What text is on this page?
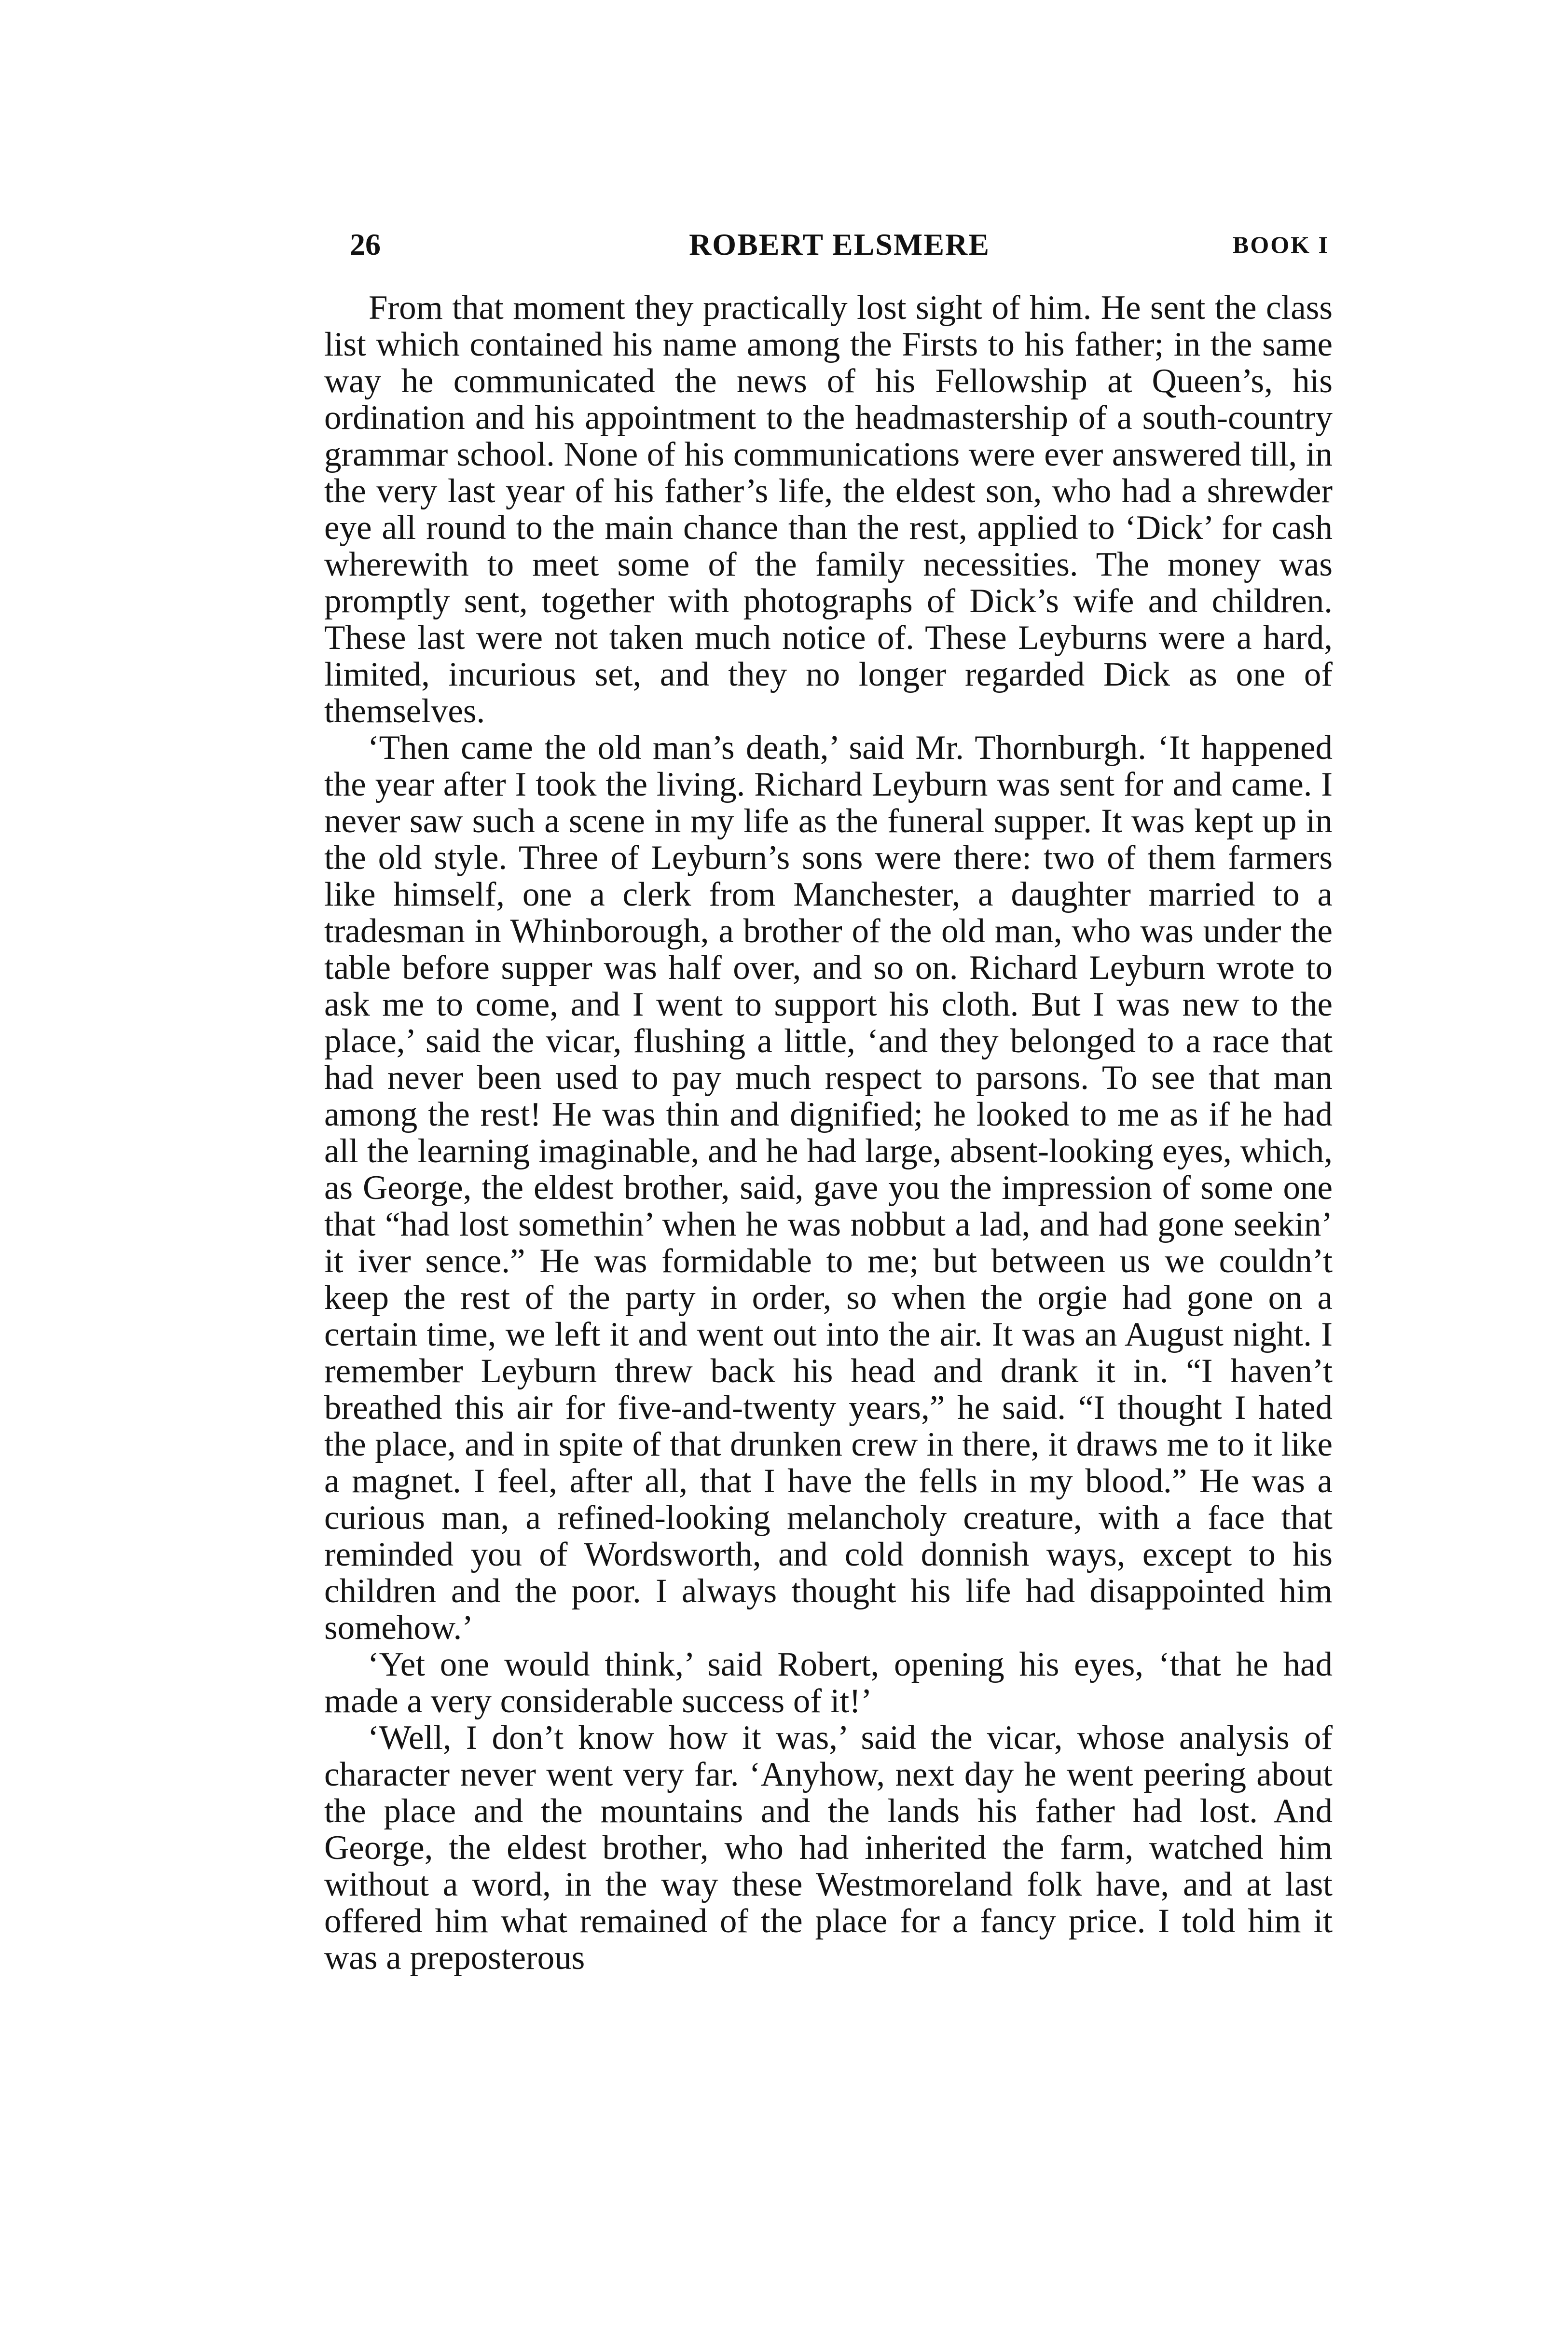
26	ROBERT ELSMERE	BOOK I

From that moment they practically lost sight of him. He sent the class list which contained his name among the Firsts to his father; in the same way he communicated the news of his Fellowship at Queen’s, his ordination and his appointment to the headmastership of a south-country grammar school. None of his communications were ever answered till, in the very last year of his father’s life, the eldest son, who had a shrewder eye all round to the main chance than the rest, applied to ‘Dick’ for cash wherewith to meet some of the family necessities. The money was promptly sent, together with photographs of Dick’s wife and children. These last were not taken much notice of. These Leyburns were a hard, limited, incurious set, and they no longer regarded Dick as one of themselves.

‘Then came the old man’s death,’ said Mr. Thornburgh. ‘It happened the year after I took the living. Richard Leyburn was sent for and came. I never saw such a scene in my life as the funeral supper. It was kept up in the old style. Three of Leyburn’s sons were there: two of them farmers like himself, one a clerk from Manchester, a daughter married to a tradesman in Whinborough, a brother of the old man, who was under the table before supper was half over, and so on. Richard Leyburn wrote to ask me to come, and I went to support his cloth. But I was new to the place,’ said the vicar, flushing a little, ‘and they belonged to a race that had never been used to pay much respect to parsons. To see that man among the rest! He was thin and dignified; he looked to me as if he had all the learning imaginable, and he had large, absent-looking eyes, which, as George, the eldest brother, said, gave you the impression of some one that “had lost somethin’ when he was nobbut a lad, and had gone seekin’ it iver sence.” He was formidable to me; but between us we couldn’t keep the rest of the party in order, so when the orgie had gone on a certain time, we left it and went out into the air. It was an August night. I remember Leyburn threw back his head and drank it in. “I haven’t breathed this air for five-and-twenty years,” he said. “I thought I hated the place, and in spite of that drunken crew in there, it draws me to it like a magnet. I feel, after all, that I have the fells in my blood.” He was a curious man, a refined-looking melancholy creature, with a face that reminded you of Wordsworth, and cold donnish ways, except to his children and the poor. I always thought his life had disappointed him somehow.’

‘Yet one would think,’ said Robert, opening his eyes, ‘that he had made a very considerable success of it!’

‘Well, I don’t know how it was,’ said the vicar, whose analysis of character never went very far. ‘Anyhow, next day he went peering about the place and the mountains and the lands his father had lost. And George, the eldest brother, who had inherited the farm, watched him without a word, in the way these Westmoreland folk have, and at last offered him what remained of the place for a fancy price. I told him it was a preposterous
